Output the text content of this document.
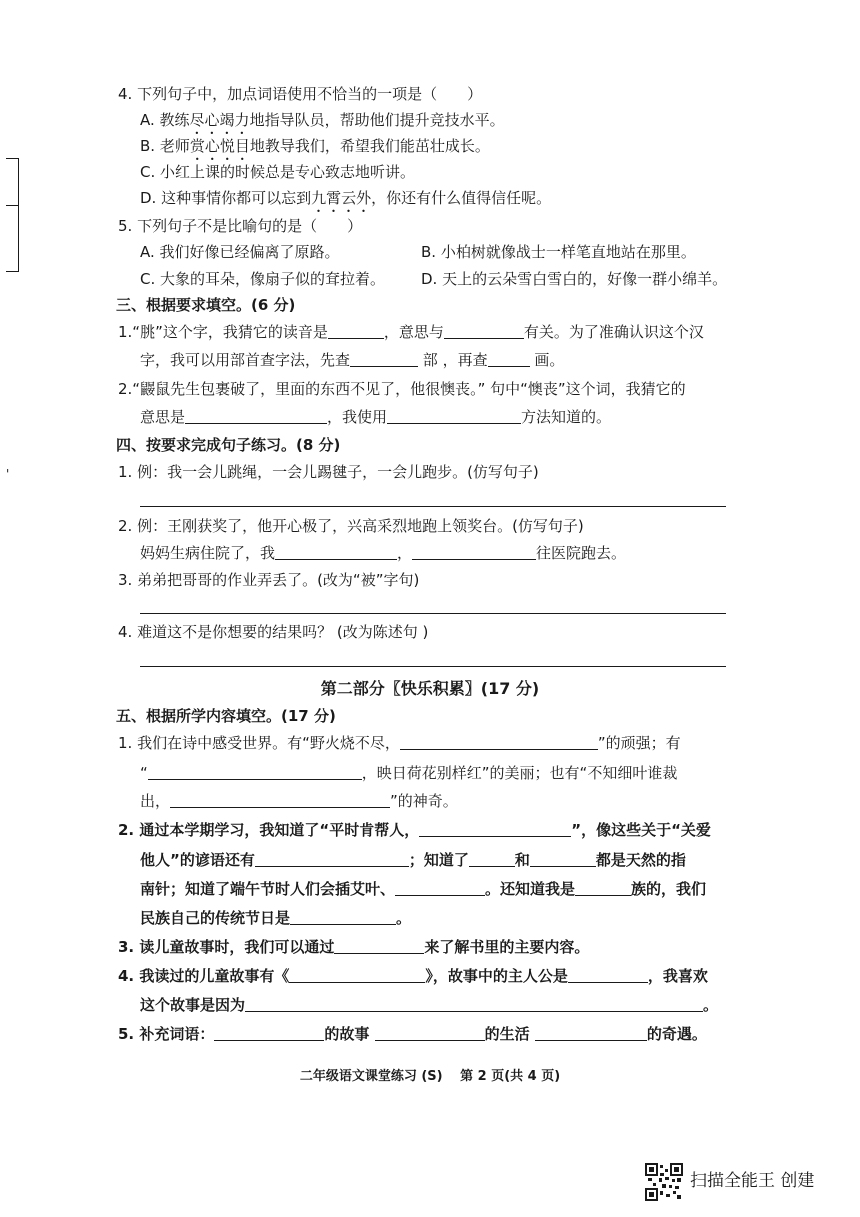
'
4. 下列句子中，加点词语使用不恰当的一项是（　　）
A. 教练尽心竭力地指导队员，帮助他们提升竞技水平。
B. 老师赏心悦目地教导我们，希望我们能茁壮成长。
C. 小红上课的时候总是专心致志地听讲。
D. 这种事情你都可以忘到九霄云外，你还有什么值得信任呢。
5. 下列句子不是比喻句的是（　　）
A. 我们好像已经偏离了原路。	B. 小柏树就像战士一样笔直地站在那里。
C. 大象的耳朵，像扇子似的耷拉着。 D. 天上的云朵雪白雪白的，好像一群小绵羊。
三、根据要求填空。(6 分)
1.“朓”这个字，我猜它的读音是	，意思与	有关。为了准确认识这个汉
字，我可以用部首查字法，先查	部 ，再查	画。
2.“鼹鼠先生包裹破了，里面的东西不见了，他很懊丧。” 句中“懊丧”这个词，我猜它的
意思是	，我使用	方法知道的。
四、按要求完成句子练习。(8 分)
1. 例：我一会儿跳绳，一会儿踢毽子，一会儿跑步。(仿写句子)
2. 例：王刚获奖了，他开心极了，兴高采烈地跑上领奖台。(仿写句子)
妈妈生病住院了，我	，	往医院跑去。
3. 弟弟把哥哥的作业弄丢了。(改为“被”字句)
4. 难道这不是你想要的结果吗？ (改为陈述句 )
第二部分〖快乐积累〗(17 分)
五、根据所学内容填空。(17 分)
1. 我们在诗中感受世界。有“野火烧不尽，	”的顽强；有
“	，映日荷花别样红”的美丽；也有“不知细叶谁裁
出，	”的神奇。
2. 通过本学期学习，我知道了“平时肯帮人，	”，像这些关于“关爱
他人”的谚语还有	；知道了	和	都是天然的指
南针；知道了端午节时人们会插艾叶、	。还知道我是	族的，我们
民族自己的传统节日是	。
3. 读儿童故事时，我们可以通过	来了解书里的主要内容。
4. 我读过的儿童故事有《	》，故事中的主人公是	，我喜欢
这个故事是因为	。
5. 补充词语：	的故事	的生活	的奇遇。
二年级语文课堂练习 (S)　 第 2 页(共 4 页)
扫描全能王 创建
